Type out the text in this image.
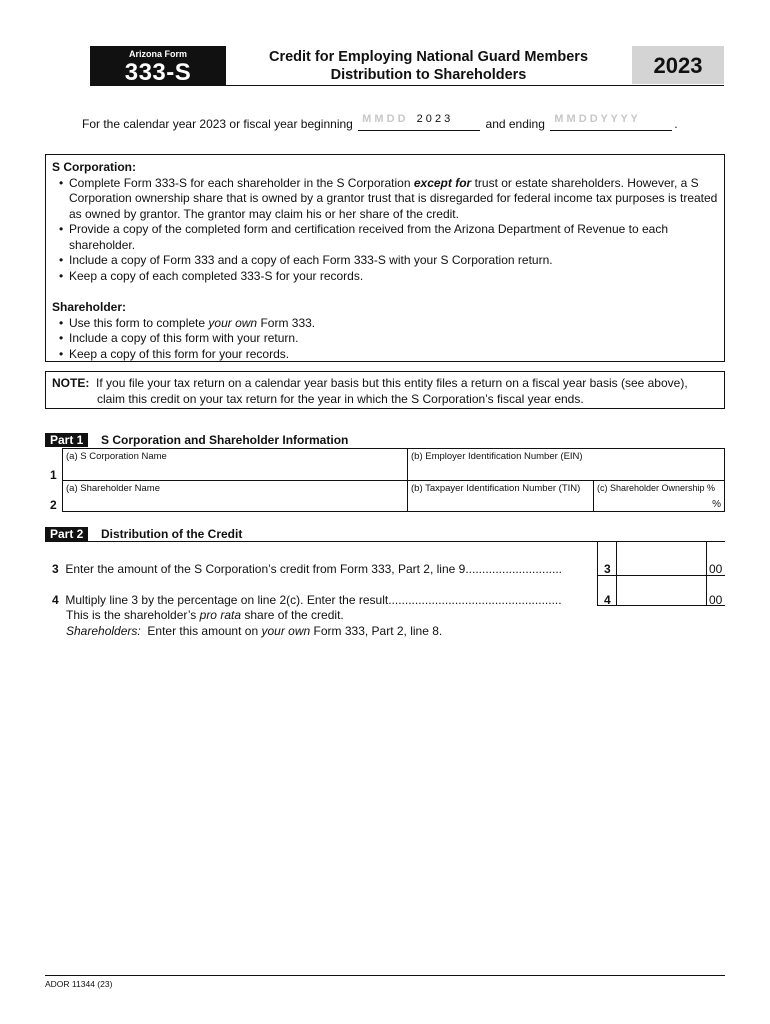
Arizona Form
333-S
Credit for Employing National Guard Members
Distribution to Shareholders	2023
For the calendar year 2023 or fiscal year beginning M M D D 2 0 2 3	and ending M M D D Y Y Y Y	.
S Corporation:
• Complete Form 333-S for each shareholder in the S Corporation except for trust or estate shareholders. However, a S Corporation ownership share that is owned by a grantor trust that is disregarded for federal income tax purposes is treated as owned by grantor. The grantor may claim his or her share of the credit.
• Provide a copy of the completed form and certification received from the Arizona Department of Revenue to each shareholder.
• Include a copy of Form 333 and a copy of each Form 333-S with your S Corporation return.
• Keep a copy of each completed 333-S for your records.
Shareholder:
• Use this form to complete your own Form 333.
• Include a copy of this form with your return.
• Keep a copy of this form for your records.
NOTE: If you file your tax return on a calendar year basis but this entity files a return on a fiscal year basis (see above),
claim this credit on your tax return for the year in which the S Corporation’s fiscal year ends.
Part 1	S Corporation and Shareholder Information
1
(a) S Corporation Name	(b) Employer Identification Number (EIN)
2
(a) Shareholder Name	(b) Taxpayer Identification Number (TIN) (c) Shareholder Ownership %
%
Part 2	Distribution of the Credit
3 Enter the amount of the S Corporation’s credit from Form 333, Part 2, line 9.............................	3	00
4 Multiply line 3 by the percentage on line 2(c). Enter the result....................................................	4	00
This is the shareholder’s pro rata share of the credit.
Shareholders: Enter this amount on your own Form 333, Part 2, line 8.
ADOR 11344 (23)
